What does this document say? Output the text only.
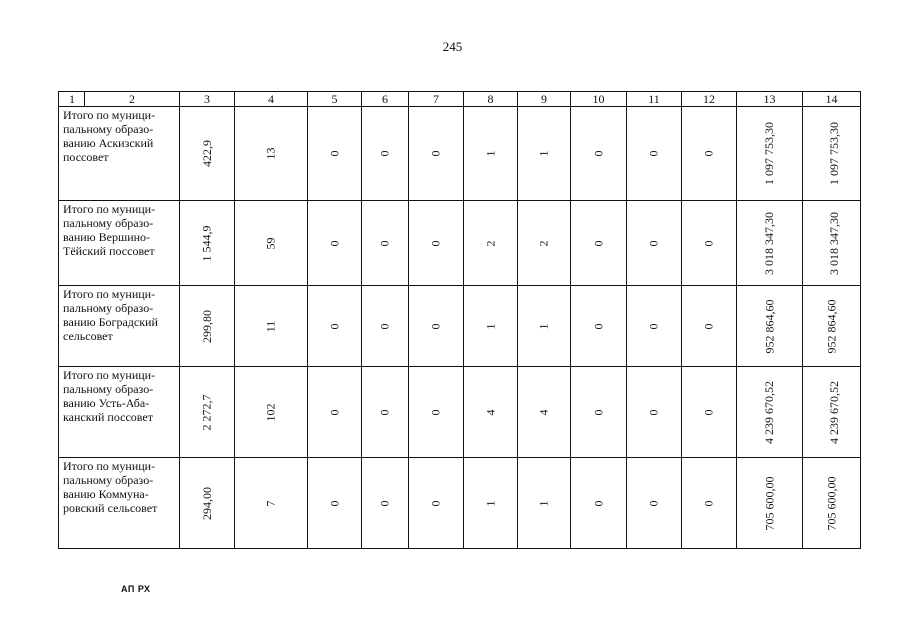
245
1	2	3	4	5	6	7	8	9	10	11	12	13	14
Итого по муници-
пальному образо-
ванию Аскизский
поссовет		422,9	13	0	0	0	1	1	0	0	0	1 097 753,30	1 097 753,30
Итого по муници-
пальному образо-
ванию Вершино-
Тёйский поссовет		1 544,9	59	0	0	0	2	2	0	0	0	3 018 347,30	3 018 347,30
Итого по муници-
пальному образо-
ванию Боградский
сельсовет		299,80	11	0	0	0	1	1	0	0	0	952 864,60	952 864,60
Итого по муници-
пальному образо-
ванию Усть-Аба-
канский поссовет		2 272,7	102	0	0	0	4	4	0	0	0	4 239 670,52	4 239 670,52
Итого по муници-
пальному образо-
ванию Коммуна-
ровский сельсовет		294,00	7	0	0	0	1	1	0	0	0	705 600,00	705 600,00
АП РХ
